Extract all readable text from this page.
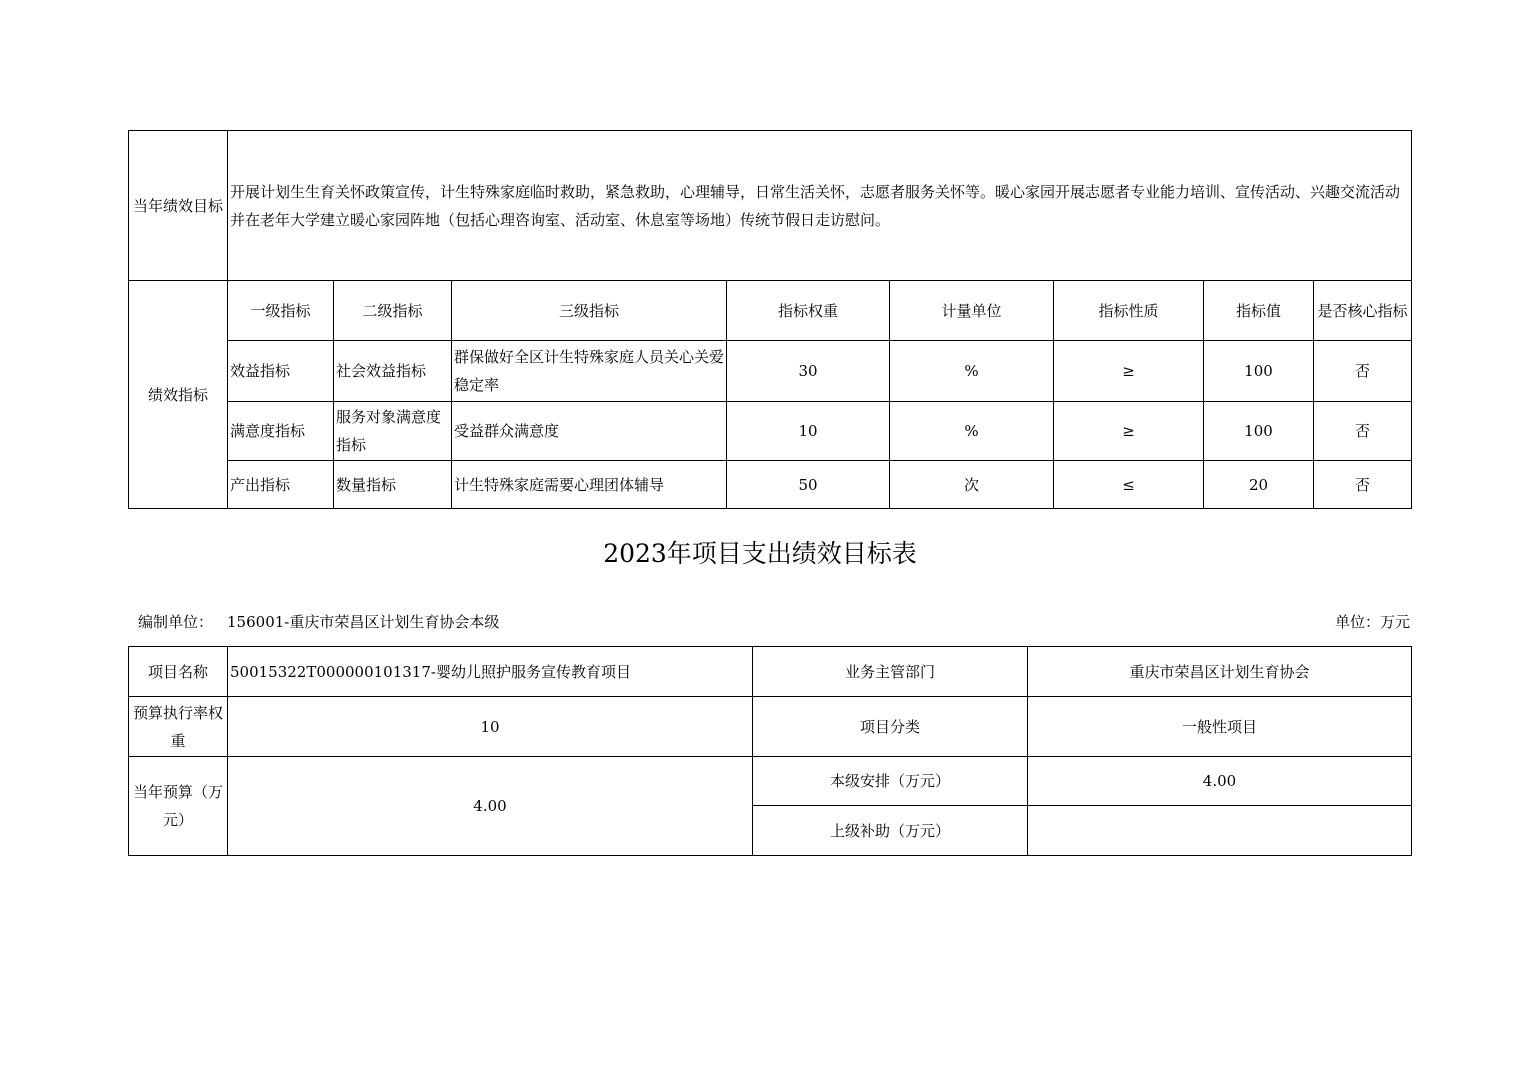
当年绩效目标	开展计划生生育关怀政策宣传，计生特殊家庭临时救助，紧急救助，心理辅导，日常生活关怀，志愿者服务关怀等。暖心家园开展志愿者专业能力培训、宣传活动、兴趣交流活动并在老年大学建立暖心家园阵地（包括心理咨询室、活动室、休息室等场地）传统节假日走访慰问。							
绩效指标	一级指标	二级指标	三级指标	指标权重	计量单位	指标性质	指标值	是否核心指标
	效益指标	社会效益指标	群保做好全区计生特殊家庭人员关心关爱稳定率	30	%	≥	100	否
	满意度指标	服务对象满意度指标	受益群众满意度	10	%	≥	100	否
	产出指标	数量指标	计生特殊家庭需要心理团体辅导	50	次	≤	20	否
2023年项目支出绩效目标表
编制单位： 156001-重庆市荣昌区计划生育协会本级	单位：万元
项目名称	50015322T000000101317-婴幼儿照护服务宣传教育项目	业务主管部门	重庆市荣昌区计划生育协会
预算执行率权重	10	项目分类	一般性项目
当年预算（万元）	4.00	本级安排（万元）	4.00
		上级补助（万元）	
